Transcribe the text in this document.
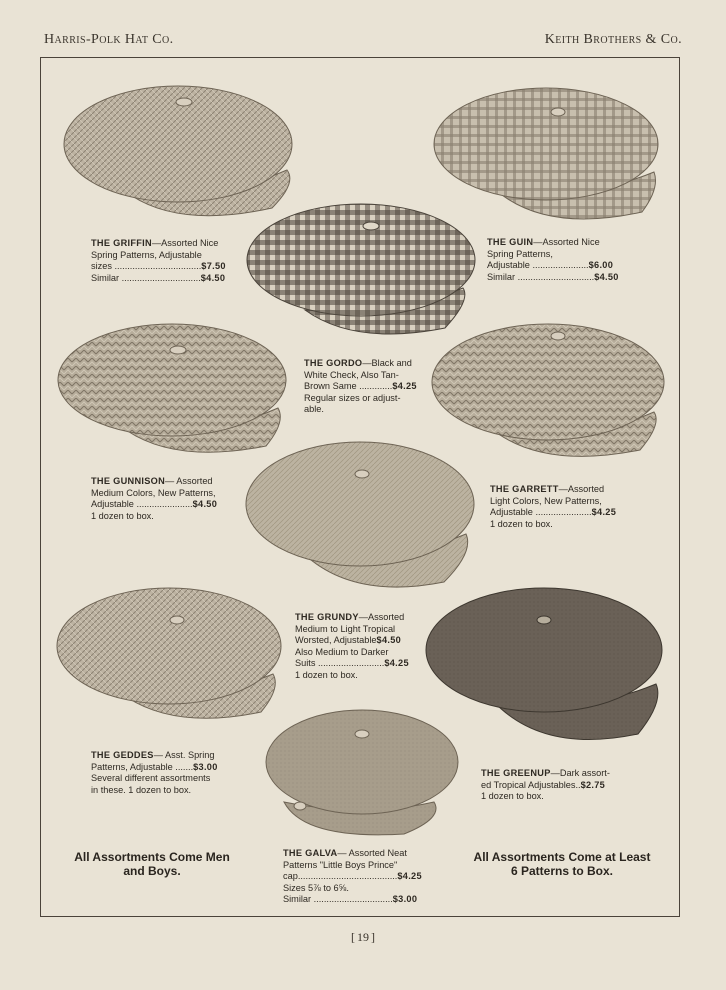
Harris-Polk Hat Co.	Keith Brothers & Co.
THE GRIFFIN—Assorted Nice
Spring Patterns, Adjustable
sizes ..................................$7.50
Similar ...............................$4.50
THE GUIN—Assorted Nice
Spring Patterns,
Adjustable ......................$6.00
Similar ..............................$4.50
THE GORDO—Black and
White Check, Also Tan-
Brown Same .............$4.25
Regular sizes or adjust-
able.
THE GUNNISON— Assorted
Medium Colors, New Patterns,
Adjustable ......................$4.50
1 dozen to box.
THE GARRETT—Assorted
Light Colors, New Patterns,
Adjustable ......................$4.25
1 dozen to box.
THE GRUNDY—Assorted
Medium to Light Tropical
Worsted, Adjustable$4.50
Also Medium to Darker
Suits ..........................$4.25
1 dozen to box.
THE GEDDES— Asst. Spring
Patterns, Adjustable .......$3.00
Several different assortments
in these. 1 dozen to box.
THE GREENUP—Dark assort-
ed Tropical Adjustables..$2.75
1 dozen to box.
THE GALVA— Assorted Neat
Patterns "Little Boys Prince"
cap.......................................$4.25
Sizes 5⅞ to 6⅝.
Similar ...............................$3.00
All Assortments Come Men
and Boys.
All Assortments Come at Least
6 Patterns to Box.
[ 19 ]
